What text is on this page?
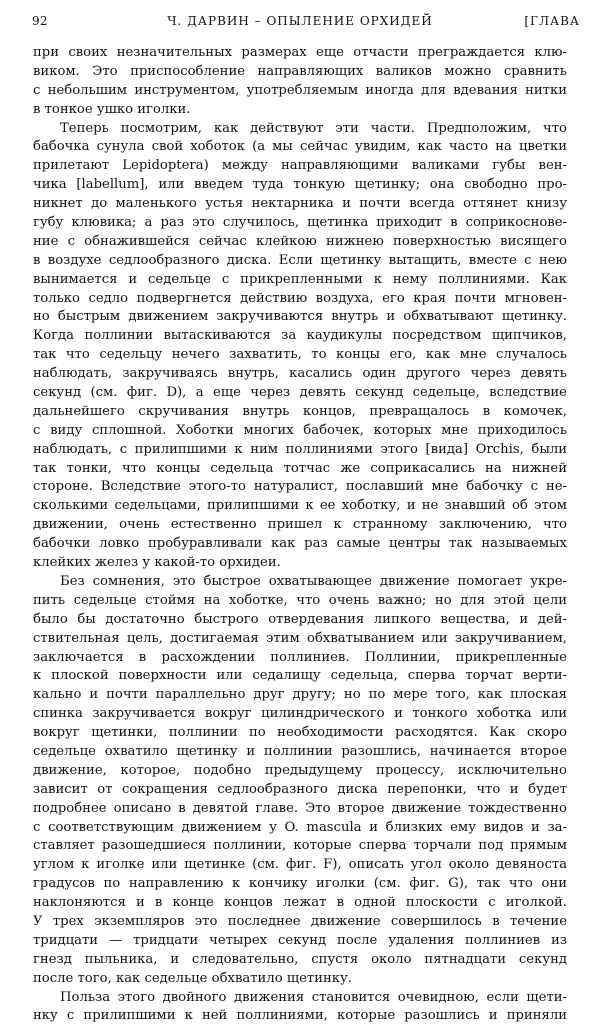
92	Ч. ДАРВИН – ОПЫЛЕНИЕ ОРХИДЕЙ	[ГЛАВА
при своих незначительных размерах еще отчасти преграждается клю-
виком. Это приспособление направляющих валиков можно сравнить
с небольшим инструментом, употребляемым иногда для вдевания нитки
в тонкое ушко иголки.
Теперь посмотрим, как действуют эти части. Предположим, что
бабочка сунула свой хоботок (а мы сейчас увидим, как часто на цветки
прилетают Lepidoptera) между направляющими валиками губы вен-
чика [labellum], или введем туда тонкую щетинку; она свободно про-
никнет до маленького устья нектарника и почти всегда оттянет книзу
губу клювика; а раз это случилось, щетинка приходит в соприкоснове-
ние с обнажившейся сейчас клейкою нижнею поверхностью висящего
в воздухе седлообразного диска. Если щетинку вытащить, вместе с нею
вынимается и седельце с прикрепленными к нему поллиниями. Как
только седло подвергнется действию воздуха, его края почти мгновен-
но быстрым движением закручиваются внутрь и обхватывают щетинку.
Когда поллинии вытаскиваются за каудикулы посредством щипчиков,
так что седельцу нечего захватить, то концы его, как мне случалось
наблюдать, закручиваясь внутрь, касались один другого через девять
секунд (см. фиг. D), а еще через девять секунд седельце, вследствие
дальнейшего скручивания внутрь концов, превращалось в комочек,
с виду сплошной. Хоботки многих бабочек, которых мне приходилось
наблюдать, с прилипшими к ним поллиниями этого [вида] Orchis, были
так тонки, что концы седельца тотчас же соприкасались на нижней
стороне. Вследствие этого-то натуралист, пославший мне бабочку с не-
сколькими седельцами, прилипшими к ее хоботку, и не знавший об этом
движении, очень естественно пришел к странному заключению, что
бабочки ловко пробуравливали как раз самые центры так называемых
клейких желез у какой-то орхидеи.
Без сомнения, это быстрое охватывающее движение помогает укре-
пить седельце стоймя на хоботке, что очень важно; но для этой цели
было бы достаточно быстрого отвердевания липкого вещества, и дей-
ствительная цель, достигаемая этим обхватыванием или закручиванием,
заключается в расхождении поллиниев. Поллинии, прикрепленные
к плоской поверхности или седалищу седельца, сперва торчат верти-
кально и почти параллельно друг другу; но по мере того, как плоская
спинка закручивается вокруг цилиндрического и тонкого хоботка или
вокруг щетинки, поллинии по необходимости расходятся. Как скоро
седельце охватило щетинку и поллинии разошлись, начинается второе
движение, которое, подобно предыдущему процессу, исключительно
зависит от сокращения седлообразного диска перепонки, что и будет
подробнее описано в девятой главе. Это второе движение тождественно
с соответствующим движением у O. mascula и близких ему видов и за-
ставляет разошедшиеся поллинии, которые сперва торчали под прямым
углом к иголке или щетинке (см. фиг. F), описать угол около девяноста
градусов по направлению к кончику иголки (см. фиг. G), так что они
наклоняются и в конце концов лежат в одной плоскости с иголкой.
У трех экземпляров это последнее движение совершилось в течение
тридцати — тридцати четырех секунд после удаления поллиниев из
гнезд пыльника, и следовательно, спустя около пятнадцати секунд
после того, как седельце обхватило щетинку.
Польза этого двойного движения становится очевидною, если щети-
нку с прилипшими к ней поллиниями, которые разошлись и приняли
